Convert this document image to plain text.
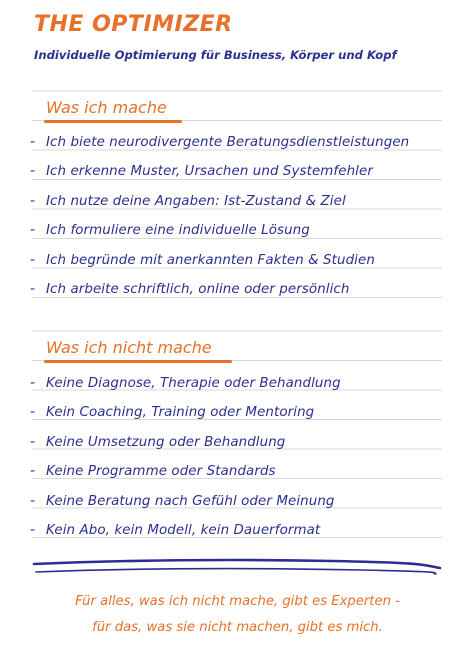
THE OPTIMIZER
Individuelle Optimierung für Business, Körper und Kopf
Was ich mache
- Ich biete neurodivergente Beratungsdienstleistungen
- Ich erkenne Muster, Ursachen und Systemfehler
- Ich nutze deine Angaben: Ist-Zustand & Ziel
- Ich formuliere eine individuelle Lösung
- Ich begründe mit anerkannten Fakten & Studien
- Ich arbeite schriftlich, online oder persönlich
Was ich nicht mache
- Keine Diagnose, Therapie oder Behandlung
- Kein Coaching, Training oder Mentoring
- Keine Umsetzung oder Behandlung
- Keine Programme oder Standards
- Keine Beratung nach Gefühl oder Meinung
- Kein Abo, kein Modell, kein Dauerformat
Für alles, was ich nicht mache, gibt es Experten -
für das, was sie nicht machen, gibt es mich.
